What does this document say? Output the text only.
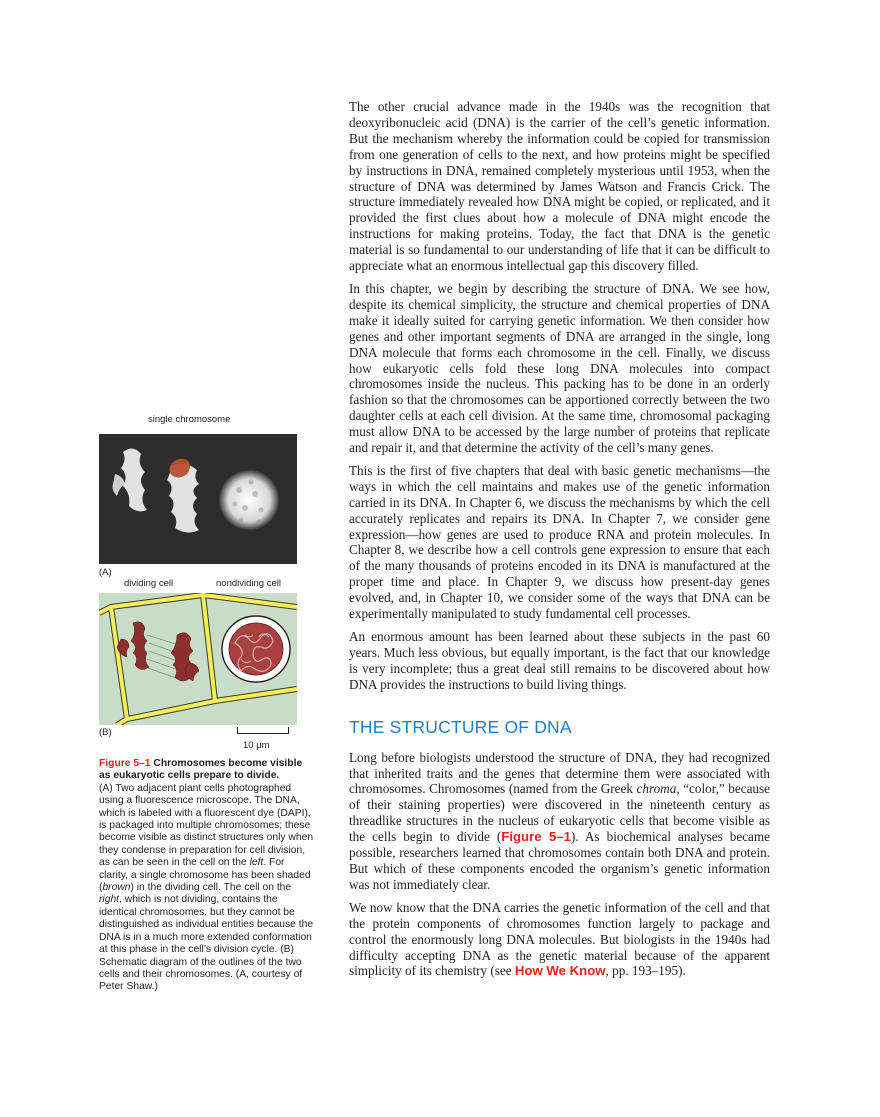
single chromosome
(A)
dividing cell	nondividing cell
(B)
10 μm
Figure 5–1 Chromosomes become visible as eukaryotic cells prepare to divide.
(A) Two adjacent plant cells photographed using a fluorescence microscope. The DNA, which is labeled with a fluorescent dye (DAPI), is packaged into multiple chromosomes; these become visible as distinct structures only when they condense in preparation for cell division, as can be seen in the cell on the left. For clarity, a single chromosome has been shaded (brown) in the dividing cell. The cell on the right, which is not dividing, contains the identical chromosomes, but they cannot be distinguished as individual entities because the DNA is in a much more extended conformation at this phase in the cell’s division cycle. (B) Schematic diagram of the outlines of the two cells and their chromosomes. (A, courtesy of Peter Shaw.)

The other crucial advance made in the 1940s was the recognition that deoxyribonucleic acid (DNA) is the carrier of the cell’s genetic information. But the mechanism whereby the information could be copied for transmission from one generation of cells to the next, and how proteins might be specified by instructions in DNA, remained completely mysterious until 1953, when the structure of DNA was determined by James Watson and Francis Crick. The structure immediately revealed how DNA might be copied, or replicated, and it provided the first clues about how a molecule of DNA might encode the instructions for making proteins. Today, the fact that DNA is the genetic material is so fundamental to our understanding of life that it can be difficult to appreciate what an enormous intellectual gap this discovery filled.

In this chapter, we begin by describing the structure of DNA. We see how, despite its chemical simplicity, the structure and chemical properties of DNA make it ideally suited for carrying genetic information. We then consider how genes and other important segments of DNA are arranged in the single, long DNA molecule that forms each chromosome in the cell. Finally, we discuss how eukaryotic cells fold these long DNA molecules into compact chromosomes inside the nucleus. This packing has to be done in an orderly fashion so that the chromosomes can be apportioned correctly between the two daughter cells at each cell division. At the same time, chromosomal packaging must allow DNA to be accessed by the large number of proteins that replicate and repair it, and that determine the activity of the cell’s many genes.

This is the first of five chapters that deal with basic genetic mechanisms—the ways in which the cell maintains and makes use of the genetic information carried in its DNA. In Chapter 6, we discuss the mechanisms by which the cell accurately replicates and repairs its DNA. In Chapter 7, we consider gene expression—how genes are used to produce RNA and protein molecules. In Chapter 8, we describe how a cell controls gene expression to ensure that each of the many thousands of proteins encoded in its DNA is manufactured at the proper time and place. In Chapter 9, we discuss how present-day genes evolved, and, in Chapter 10, we consider some of the ways that DNA can be experimentally manipulated to study fundamental cell processes.

An enormous amount has been learned about these subjects in the past 60 years. Much less obvious, but equally important, is the fact that our knowledge is very incomplete; thus a great deal still remains to be discovered about how DNA provides the instructions to build living things.

THE STRUCTURE OF DNA

Long before biologists understood the structure of DNA, they had recognized that inherited traits and the genes that determine them were associated with chromosomes. Chromosomes (named from the Greek chroma, “color,” because of their staining properties) were discovered in the nineteenth century as threadlike structures in the nucleus of eukaryotic cells that become visible as the cells begin to divide (Figure 5–1). As biochemical analyses became possible, researchers learned that chromosomes contain both DNA and protein. But which of these components encoded the organism’s genetic information was not immediately clear.

We now know that the DNA carries the genetic information of the cell and that the protein components of chromosomes function largely to package and control the enormously long DNA molecules. But biologists in the 1940s had difficulty accepting DNA as the genetic material because of the apparent simplicity of its chemistry (see How We Know, pp. 193–195).
